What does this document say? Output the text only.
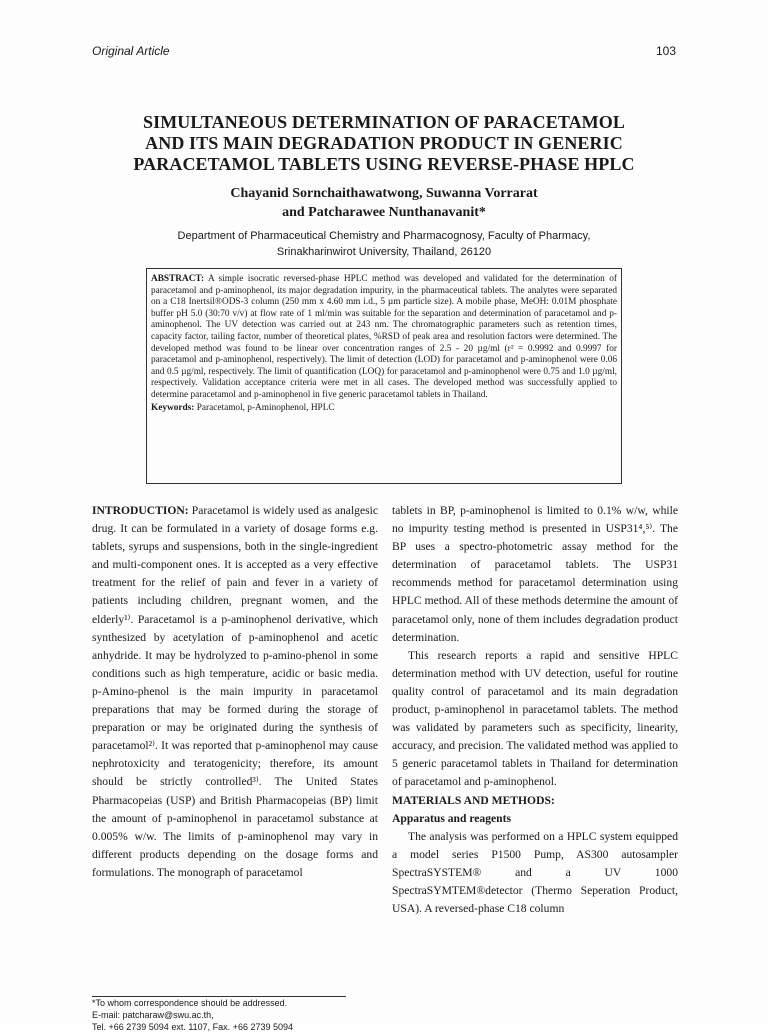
Original Article	103
SIMULTANEOUS DETERMINATION OF PARACETAMOL
AND ITS MAIN DEGRADATION PRODUCT IN GENERIC
PARACETAMOL TABLETS USING REVERSE-PHASE HPLC
Chayanid Sornchaithawatwong, Suwanna Vorrarat
and Patcharawee Nunthanavanit*
Department of Pharmaceutical Chemistry and Pharmacognosy, Faculty of Pharmacy,
Srinakharinwirot University, Thailand, 26120
ABSTRACT: A simple isocratic reversed-phase HPLC method was developed and validated for the determination of paracetamol and p-aminophenol, its major degradation impurity, in the pharmaceutical tablets. The analytes were separated on a C18 Inertsil®ODS-3 column (250 mm x 4.60 mm i.d., 5 µm particle size). A mobile phase, MeOH: 0.01M phosphate buffer pH 5.0 (30:70 v/v) at flow rate of 1 ml/min was suitable for the separation and determination of paracetamol and p-aminophenol. The UV detection was carried out at 243 nm. The chromatographic parameters such as retention times, capacity factor, tailing factor, number of theoretical plates, %RSD of peak area and resolution factors were determined. The developed method was found to be linear over concentration ranges of 2.5 - 20 µg/ml (r² = 0.9992 and 0.9997 for paracetamol and p-aminophenol, respectively). The limit of detection (LOD) for paracetamol and p-aminophenol were 0.06 and 0.5 µg/ml, respectively. The limit of quantification (LOQ) for paracetamol and p-aminophenol were 0.75 and 1.0 µg/ml, respectively. Validation acceptance criteria were met in all cases. The developed method was successfully applied to determine paracetamol and p-aminophenol in five generic paracetamol tablets in Thailand.
Keywords: Paracetamol, p-Aminophenol, HPLC

INTRODUCTION: Paracetamol is widely used as analgesic drug. It can be formulated in a variety of dosage forms e.g. tablets, syrups and suspensions, both in the single-ingredient and multi-component ones. It is accepted as a very effective treatment for the relief of pain and fever in a variety of patients including children, pregnant women, and the elderly¹⁾. Paracetamol is a p-aminophenol derivative, which synthesized by acetylation of p-aminophenol and acetic anhydride. It may be hydrolyzed to p-amino-phenol in some conditions such as high temperature, acidic or basic media. p-Amino-phenol is the main impurity in paracetamol preparations that may be formed during the storage of preparation or may be originated during the synthesis of paracetamol²⁾. It was reported that p-aminophenol may cause nephrotoxicity and teratogenicity; therefore, its amount should be strictly controlled³⁾. The United States Pharmacopeias (USP) and British Pharmacopeias (BP) limit the amount of p-aminophenol in paracetamol substance at 0.005% w/w. The limits of p-aminophenol may vary in different products depending on the dosage forms and formulations. The monograph of paracetamol

tablets in BP, p-aminophenol is limited to 0.1% w/w, while no impurity testing method is presented in USP31⁴,⁵⁾. The BP uses a spectro-photometric assay method for the determination of paracetamol tablets. The USP31 recommends method for paracetamol determination using HPLC method. All of these methods determine the amount of paracetamol only, none of them includes degradation product determination.

This research reports a rapid and sensitive HPLC determination method with UV detection, useful for routine quality control of paracetamol and its main degradation product, p-aminophenol in paracetamol tablets. The method was validated by parameters such as specificity, linearity, accuracy, and precision. The validated method was applied to 5 generic paracetamol tablets in Thailand for determination of paracetamol and p-aminophenol.

MATERIALS AND METHODS:

Apparatus and reagents

The analysis was performed on a HPLC system equipped a model series P1500 Pump, AS300 autosampler SpectraSYSTEM® and a UV 1000 SpectraSYMTEM®detector (Thermo Seperation Product, USA). A reversed-phase C18 column

*To whom correspondence should be addressed.
E-mail: patcharaw@swu.ac.th,
Tel. +66 2739 5094 ext. 1107, Fax. +66 2739 5094
